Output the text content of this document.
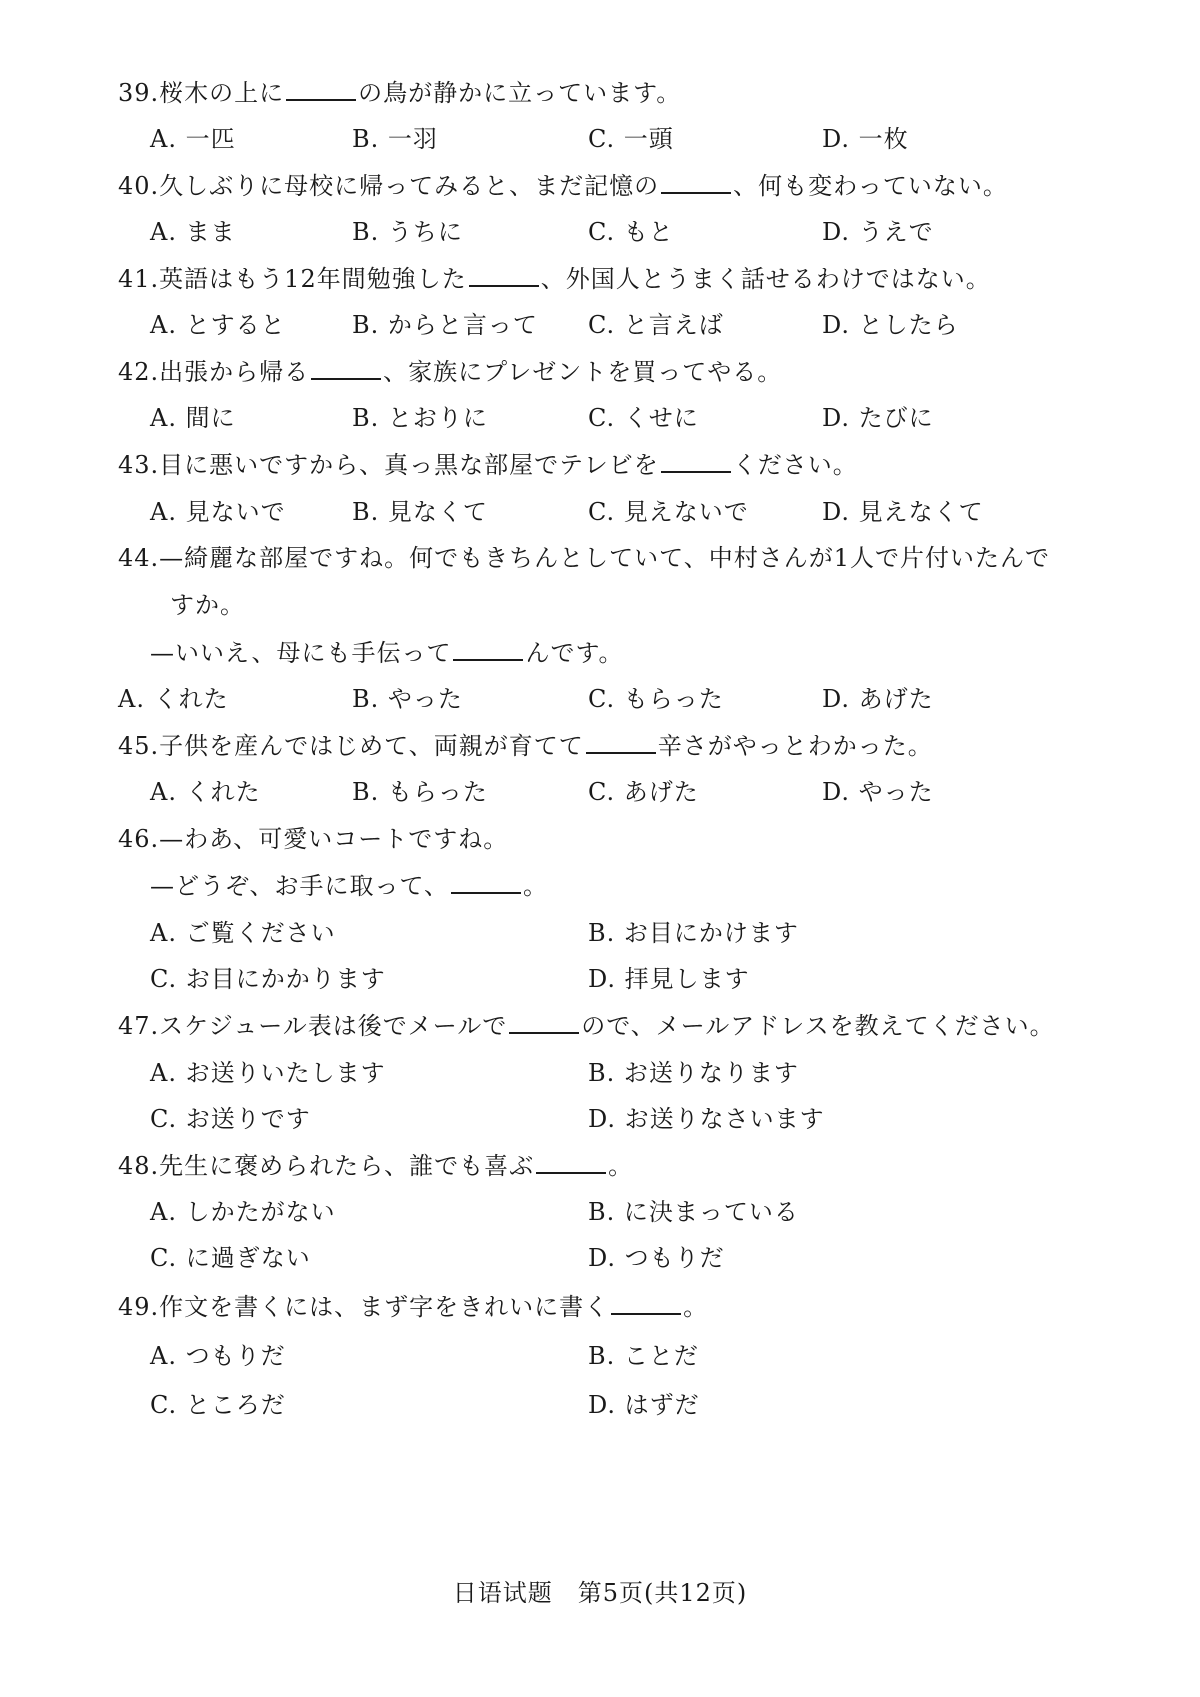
39.桜木の上に	の鳥が静かに立っています。
A. 一匹	B. 一羽	C. 一頭	D. 一枚
40.久しぶりに母校に帰ってみると、まだ記憶の	、何も変わっていない。
A. まま	B. うちに	C. もと	D. うえで
41.英語はもう12年間勉強した	、外国人とうまく話せるわけではない。
A. とすると	B. からと言って C. と言えば	D. としたら
42.出張から帰る	、家族にプレゼントを買ってやる。
A. 間に	B. とおりに	C. くせに	D. たびに
43.目に悪いですから、真っ黒な部屋でテレビを	ください。
A. 見ないで	B. 見なくて	C. 見えないで	D. 見えなくて
44.—綺麗な部屋ですね。何でもきちんとしていて、中村さんが1人で片付いたんで
すか。
—いいえ、母にも手伝って	んです。
A. くれた	B. やった	C. もらった	D. あげた
45.子供を産んではじめて、両親が育てて	辛さがやっとわかった。
A. くれた	B. もらった	C. あげた	D. やった
46.—わあ、可愛いコートですね。
—どうぞ、お手に取って、	。
A. ご覧ください	B. お目にかけます
C. お目にかかります	D. 拝見します
47.スケジュール表は後でメールで	ので、メールアドレスを教えてください。
A. お送りいたします	B. お送りなります
C. お送りです	D. お送りなさいます
48.先生に褒められたら、誰でも喜ぶ	。
A. しかたがない	B. に決まっている
C. に過ぎない	D. つもりだ
49.作文を書くには、まず字をきれいに書く	。
A. つもりだ	B. ことだ
C. ところだ	D. はずだ
日语试题　第5页(共12页)
